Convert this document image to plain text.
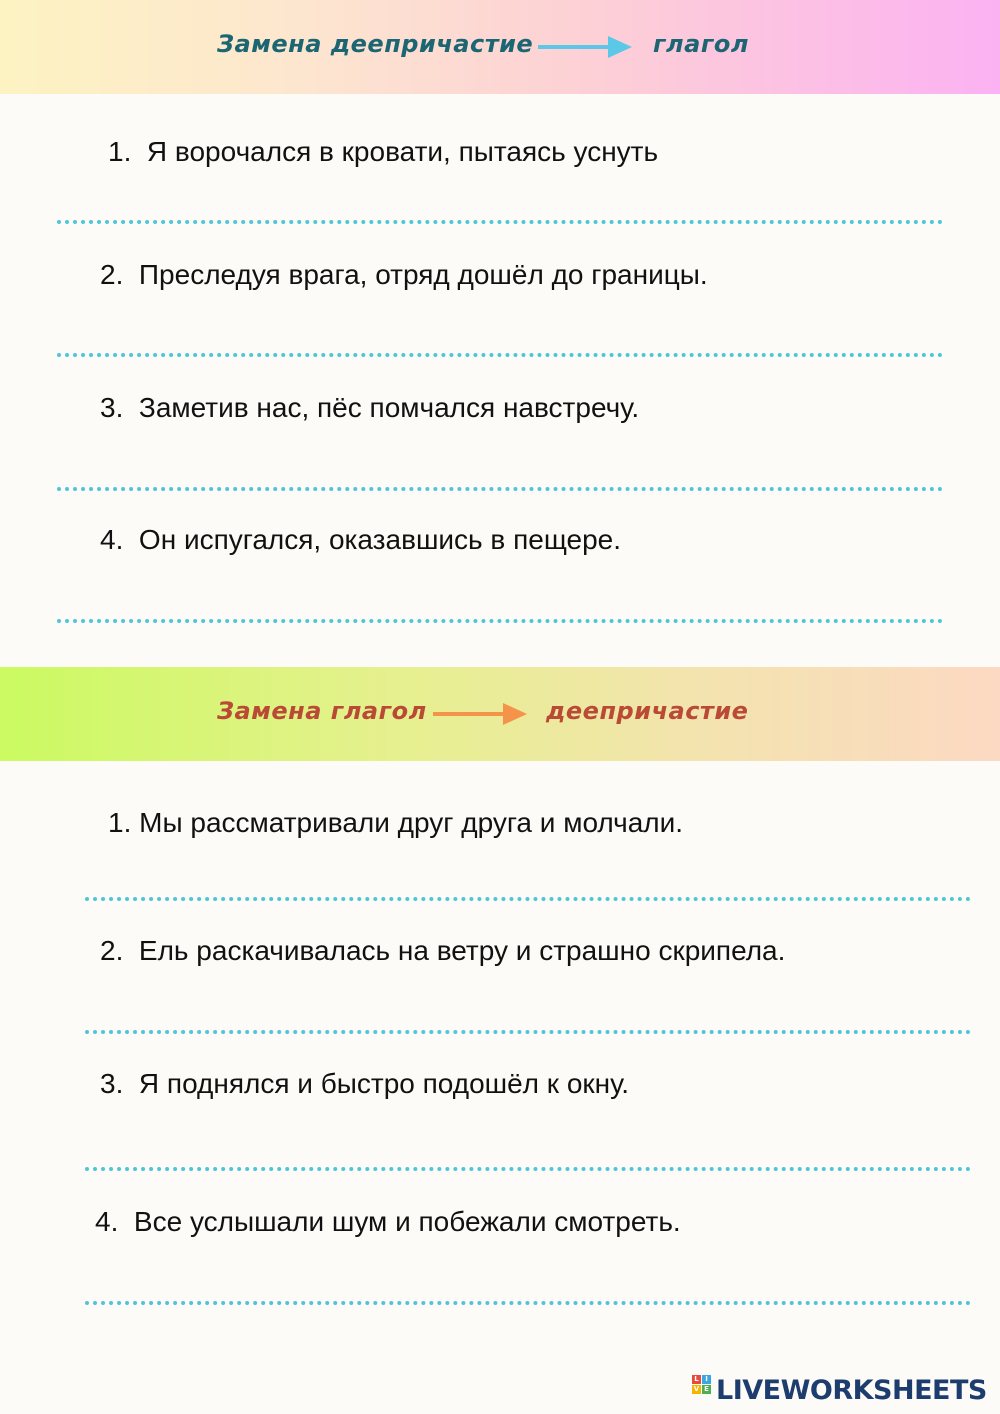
Замена деепричастие	глагол
1. Я ворочался в кровати, пытаясь уснуть
2. Преследуя врага, отряд дошёл до границы.
3. Заметив нас, пёс помчался навстречу.
4. Он испугался, оказавшись в пещере.
Замена глагол	деепричастие
1. Мы рассматривали друг друга и молчали.
2. Ель раскачивалась на ветру и страшно скрипела.
3. Я поднялся и быстро подошёл к окну.
4. Все услышали шум и побежали смотреть.
L I
V E LIVEWORKSHEETS
